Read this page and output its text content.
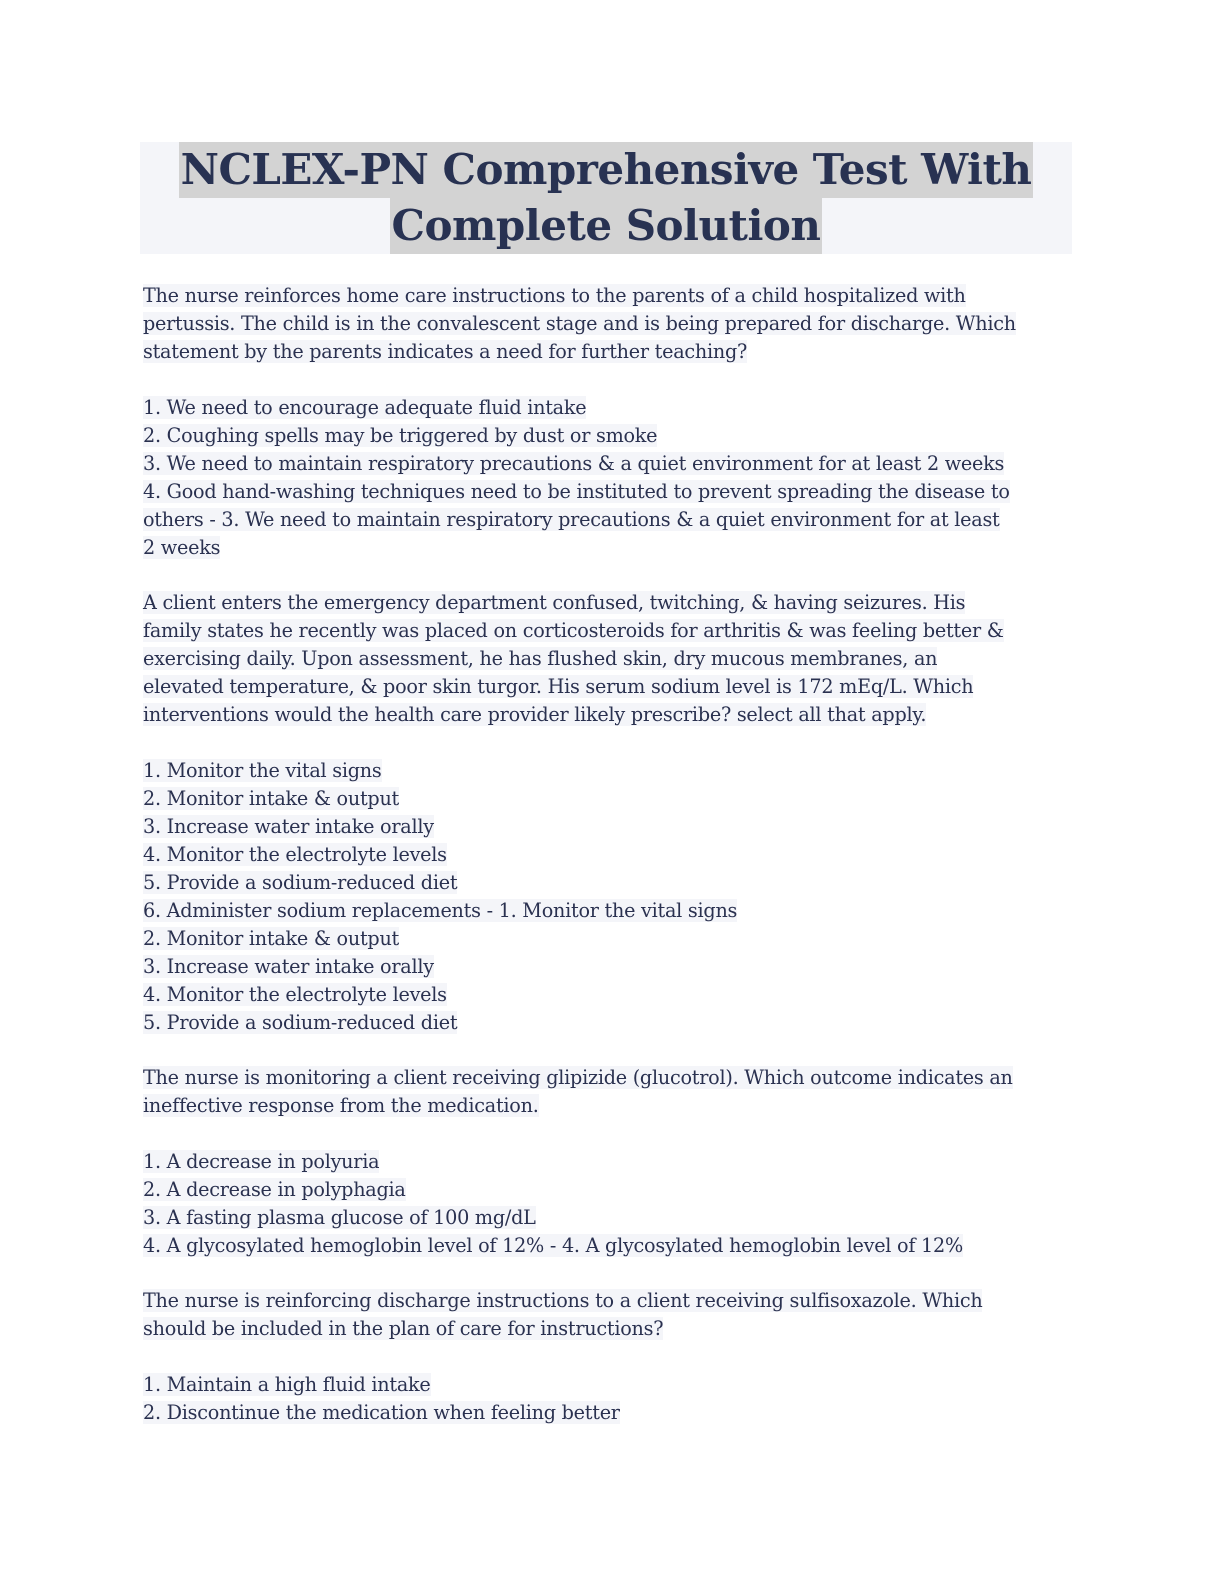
NCLEX-PN Comprehensive Test With
Complete Solution
The nurse reinforces home care instructions to the parents of a child hospitalized with
pertussis. The child is in the convalescent stage and is being prepared for discharge. Which
statement by the parents indicates a need for further teaching?
1. We need to encourage adequate fluid intake
2. Coughing spells may be triggered by dust or smoke
3. We need to maintain respiratory precautions & a quiet environment for at least 2 weeks
4. Good hand-washing techniques need to be instituted to prevent spreading the disease to
others - 3. We need to maintain respiratory precautions & a quiet environment for at least
2 weeks
A client enters the emergency department confused, twitching, & having seizures. His
family states he recently was placed on corticosteroids for arthritis & was feeling better &
exercising daily. Upon assessment, he has flushed skin, dry mucous membranes, an
elevated temperature, & poor skin turgor. His serum sodium level is 172 mEq/L. Which
interventions would the health care provider likely prescribe? select all that apply.
1. Monitor the vital signs
2. Monitor intake & output
3. Increase water intake orally
4. Monitor the electrolyte levels
5. Provide a sodium-reduced diet
6. Administer sodium replacements - 1. Monitor the vital signs
2. Monitor intake & output
3. Increase water intake orally
4. Monitor the electrolyte levels
5. Provide a sodium-reduced diet
The nurse is monitoring a client receiving glipizide (glucotrol). Which outcome indicates an
ineffective response from the medication.
1. A decrease in polyuria
2. A decrease in polyphagia
3. A fasting plasma glucose of 100 mg/dL
4. A glycosylated hemoglobin level of 12% - 4. A glycosylated hemoglobin level of 12%
The nurse is reinforcing discharge instructions to a client receiving sulfisoxazole. Which
should be included in the plan of care for instructions?
1. Maintain a high fluid intake
2. Discontinue the medication when feeling better
